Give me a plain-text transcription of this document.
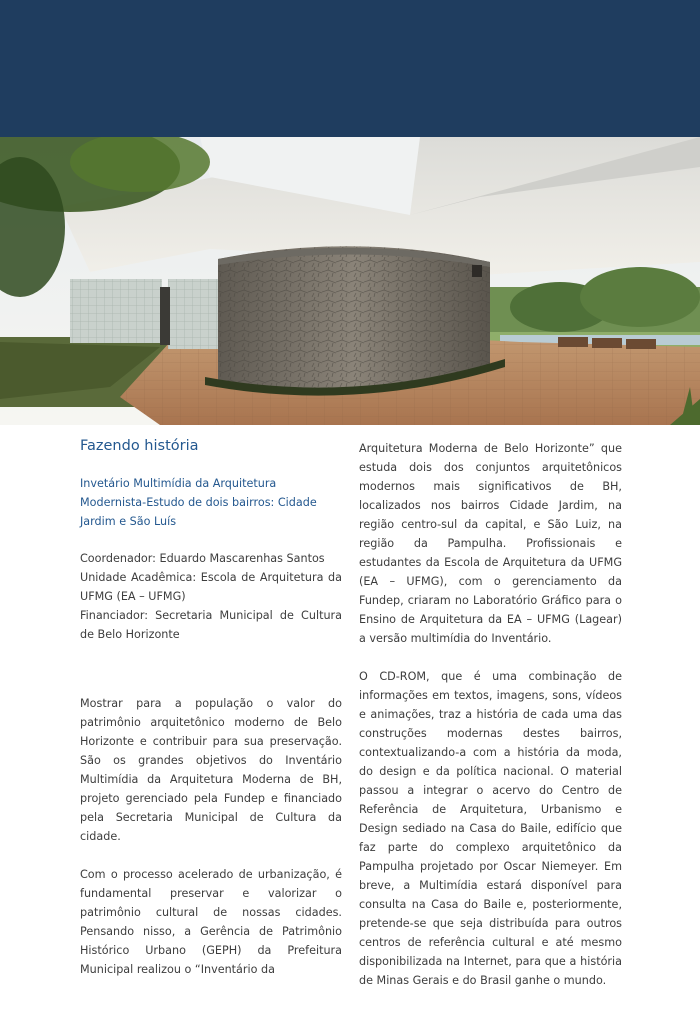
Fazendo história

Invetário Multimídia da Arquitetura Modernista-Estudo de dois bairros: Cidade Jardim e São Luís

Coordenador: Eduardo Mascarenhas Santos

Unidade Acadêmica: Escola de Arquitetura da UFMG (EA – UFMG)

Financiador: Secretaria Municipal de Cultura de Belo Horizonte

Mostrar para a população o valor do patrimônio arquitetônico moderno de Belo Horizonte e contribuir para sua preservação. São os grandes objetivos do Inventário Multimídia da Arquitetura Moderna de BH, projeto gerenciado pela Fundep e financiado pela Secretaria Municipal de Cultura da cidade.

Com o processo acelerado de urbanização, é fundamental preservar e valorizar o patrimônio cultural de nossas cidades. Pensando nisso, a Gerência de Patrimônio Histórico Urbano (GEPH) da Prefeitura Municipal realizou o “Inventário da

Arquitetura Moderna de Belo Horizonte” que estuda dois dos conjuntos arquitetônicos modernos mais significativos de BH, localizados nos bairros Cidade Jardim, na região centro-sul da capital, e São Luiz, na região da Pampulha. Profissionais e estudantes da Escola de Arquitetura da UFMG (EA – UFMG), com o gerenciamento da Fundep, criaram no Laboratório Gráfico para o Ensino de Arquitetura da EA – UFMG (Lagear) a versão multimídia do Inventário.

O CD-ROM, que é uma combinação de informações em textos, imagens, sons, vídeos e animações, traz a história de cada uma das construções modernas destes bairros, contextualizando-a com a história da moda, do design e da política nacional. O material passou a integrar o acervo do Centro de Referência de Arquitetura, Urbanismo e Design sediado na Casa do Baile, edifício que faz parte do complexo arquitetônico da Pampulha projetado por Oscar Niemeyer. Em breve, a Multimídia estará disponível para consulta na Casa do Baile e, posteriormente, pretende-se que seja distribuída para outros centros de referência cultural e até mesmo disponibilizada na Internet, para que a história de Minas Gerais e do Brasil ganhe o mundo.
